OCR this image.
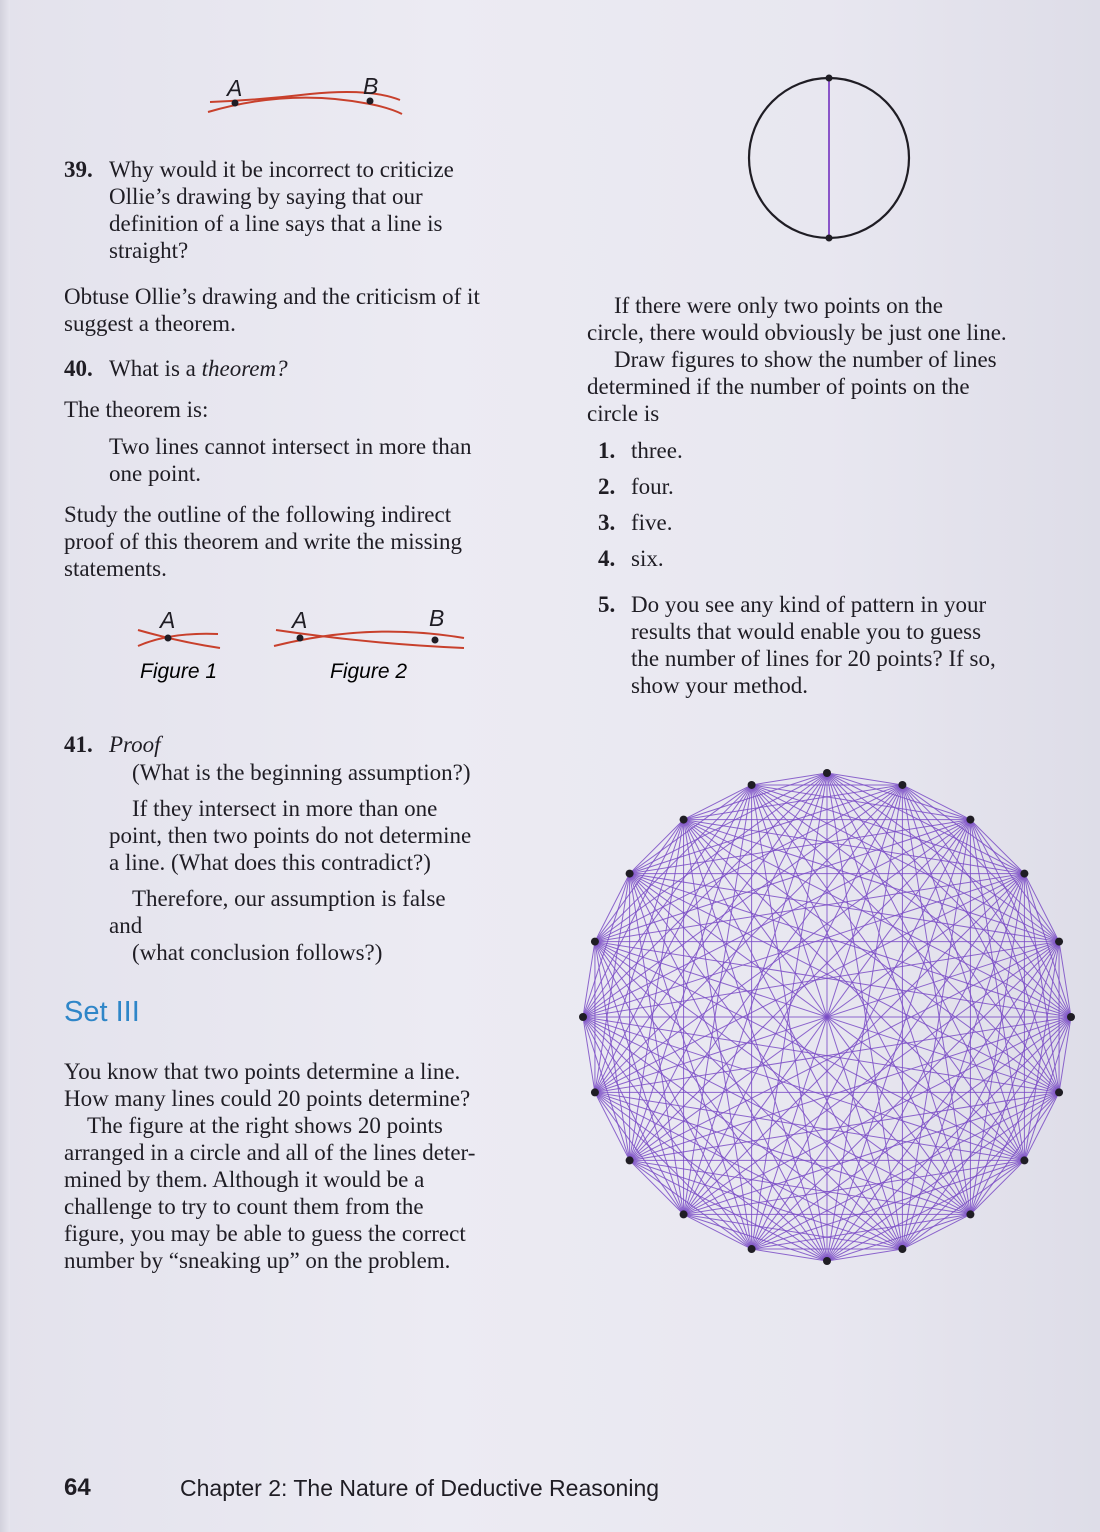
A	B
39. Why would it be incorrect to criticize
Ollie’s drawing by saying that our
definition of a line says that a line is
straight?
Obtuse Ollie’s drawing and the criticism of it
suggest a theorem.
40. What is a theorem?
The theorem is:
Two lines cannot intersect in more than
one point.
Study the outline of the following indirect
proof of this theorem and write the missing
statements.
A
Figure 1
A	B
Figure 2
41. Proof
(What is the beginning assumption?)
If they intersect in more than one
point, then two points do not determine
a line. (What does this contradict?)
Therefore, our assumption is false
and
(what conclusion follows?)
Set III
You know that two points determine a line.
How many lines could 20 points determine?
The figure at the right shows 20 points
arranged in a circle and all of the lines deter-
mined by them. Although it would be a
challenge to try to count them from the
figure, you may be able to guess the correct
number by “sneaking up” on the problem.
If there were only two points on the
circle, there would obviously be just one line.
Draw figures to show the number of lines
determined if the number of points on the
circle is
1. three.
2. four.
3. five.
4. six.
5. Do you see any kind of pattern in your
results that would enable you to guess
the number of lines for 20 points? If so,
show your method.
64	Chapter 2: The Nature of Deductive Reasoning
